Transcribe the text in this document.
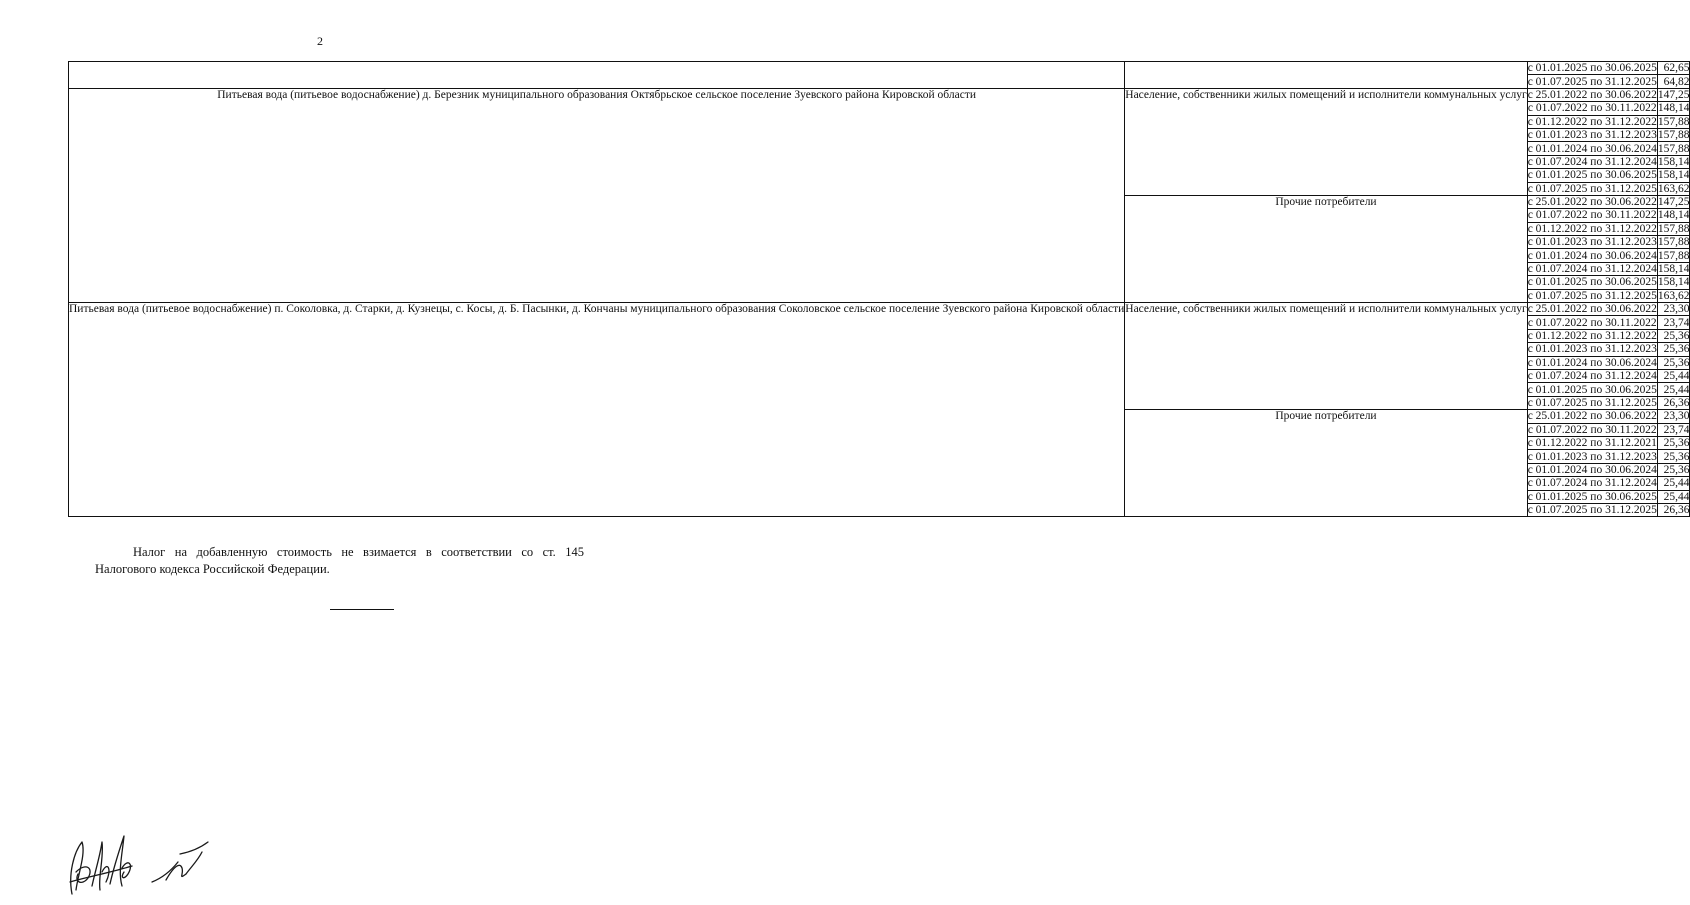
2
		с 01.01.2025 по 30.06.2025	62,65
		с 01.07.2025 по 31.12.2025	64,82
Питьевая вода (питьевое водоснабжение) д. Березник муниципального образования Октябрьское сельское поселение Зуевского района Кировской области	Население, собственники жилых помещений и исполнители коммунальных услуг	с 25.01.2022 по 30.06.2022	147,25
		с 01.07.2022 по 30.11.2022	148,14
		с 01.12.2022 по 31.12.2022	157,88
		с 01.01.2023 по 31.12.2023	157,88
		с 01.01.2024 по 30.06.2024	157,88
		с 01.07.2024 по 31.12.2024	158,14
		с 01.01.2025 по 30.06.2025	158,14
		с 01.07.2025 по 31.12.2025	163,62
	Прочие потребители	с 25.01.2022 по 30.06.2022	147,25
		с 01.07.2022 по 30.11.2022	148,14
		с 01.12.2022 по 31.12.2022	157,88
		с 01.01.2023 по 31.12.2023	157,88
		с 01.01.2024 по 30.06.2024	157,88
		с 01.07.2024 по 31.12.2024	158,14
		с 01.01.2025 по 30.06.2025	158,14
		с 01.07.2025 по 31.12.2025	163,62
Питьевая вода (питьевое водоснабжение) п. Соколовка, д. Старки, д. Кузнецы, с. Косы, д. Б. Пасынки, д. Кончаны муниципального образования Соколовское сельское поселение Зуевского района Кировской области	Население, собственники жилых помещений и исполнители коммунальных услуг	с 25.01.2022 по 30.06.2022	23,30
		с 01.07.2022 по 30.11.2022	23,74
		с 01.12.2022 по 31.12.2022	25,36
		с 01.01.2023 по 31.12.2023	25,36
		с 01.01.2024 по 30.06.2024	25,36
		с 01.07.2024 по 31.12.2024	25,44
		с 01.01.2025 по 30.06.2025	25,44
		с 01.07.2025 по 31.12.2025	26,36
	Прочие потребители	с 25.01.2022 по 30.06.2022	23,30
		с 01.07.2022 по 30.11.2022	23,74
		с 01.12.2022 по 31.12.2021	25,36
		с 01.01.2023 по 31.12.2023	25,36
		с 01.01.2024 по 30.06.2024	25,36
		с 01.07.2024 по 31.12.2024	25,44
		с 01.01.2025 по 30.06.2025	25,44
		с 01.07.2025 по 31.12.2025	26,36
Налог на добавленную стоимость не взимается в соответствии со ст. 145 Налогового кодекса Российской Федерации.
